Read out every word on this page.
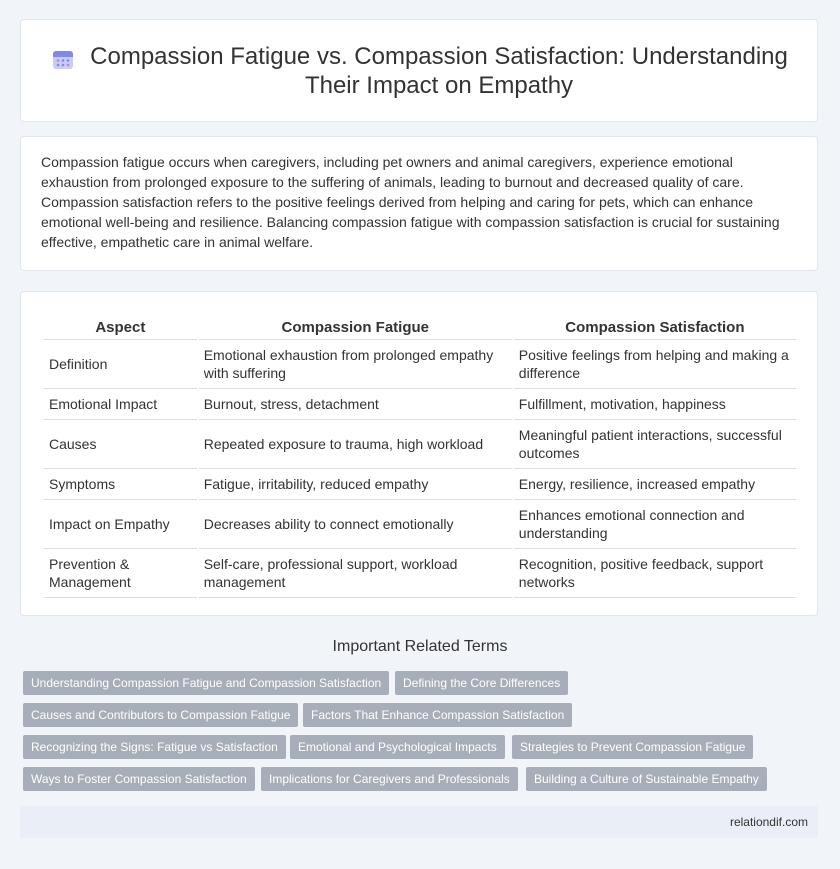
Compassion Fatigue vs. Compassion Satisfaction: Understanding Their Impact on Empathy

Compassion fatigue occurs when caregivers, including pet owners and animal caregivers, experience emotional exhaustion from prolonged exposure to the suffering of animals, leading to burnout and decreased quality of care. Compassion satisfaction refers to the positive feelings derived from helping and caring for pets, which can enhance emotional well-being and resilience. Balancing compassion fatigue with compassion satisfaction is crucial for sustaining effective, empathetic care in animal welfare.

Aspect	Compassion Fatigue	Compassion Satisfaction
Definition	Emotional exhaustion from prolonged empathy with suffering	Positive feelings from helping and making a difference
Emotional Impact	Burnout, stress, detachment	Fulfillment, motivation, happiness
Causes	Repeated exposure to trauma, high workload	Meaningful patient interactions, successful outcomes
Symptoms	Fatigue, irritability, reduced empathy	Energy, resilience, increased empathy
Impact on Empathy	Decreases ability to connect emotionally	Enhances emotional connection and understanding
Prevention & Management	Self-care, professional support, workload management	Recognition, positive feedback, support networks
Important Related Terms
Understanding Compassion Fatigue and Compassion Satisfaction	Defining the Core Differences
Causes and Contributors to Compassion Fatigue	Factors That Enhance Compassion Satisfaction
Recognizing the Signs: Fatigue vs Satisfaction	Emotional and Psychological Impacts	Strategies to Prevent Compassion Fatigue
Ways to Foster Compassion Satisfaction	Implications for Caregivers and Professionals	Building a Culture of Sustainable Empathy
relationdif.com
